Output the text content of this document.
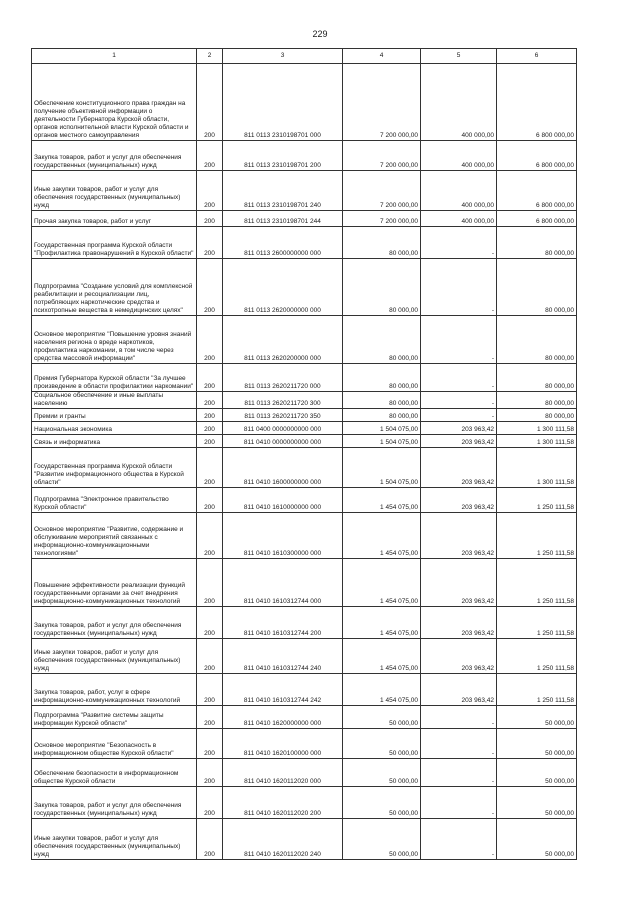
229
1	2	3	4	5	6
Обеспечение конституционного права граждан на получение объективной информации о деятельности Губернатора Курской области, органов исполнительной власти Курской области и органов местного самоуправления	200	811 0113 2310198701 000	7 200 000,00	400 000,00	6 800 000,00
Закупка товаров, работ и услуг для обеспечения государственных (муниципальных) нужд	200	811 0113 2310198701 200	7 200 000,00	400 000,00	6 800 000,00
Иные закупки товаров, работ и услуг для обеспечения государственных (муниципальных) нужд	200	811 0113 2310198701 240	7 200 000,00	400 000,00	6 800 000,00
Прочая закупка товаров, работ и услуг	200	811 0113 2310198701 244	7 200 000,00	400 000,00	6 800 000,00
Государственная программа Курской области "Профилактика правонарушений в Курской области"	200	811 0113 2600000000 000	80 000,00	-	80 000,00
Подпрограмма "Создание условий для комплексной реабилитации и ресоциализации лиц, потребляющих наркотические средства и психотропные вещества в немедицинских целях"	200	811 0113 2620000000 000	80 000,00	-	80 000,00
Основное мероприятие "Повышение уровня знаний населения региона о вреде наркотиков, профилактика наркомании, в том числе через средства массовой информации"	200	811 0113 2620200000 000	80 000,00	-	80 000,00
Премия Губернатора Курской области "За лучшее произведение в области профилактики наркомании"	200	811 0113 2620211720 000	80 000,00	-	80 000,00
Социальное обеспечение и иные выплаты населению	200	811 0113 2620211720 300	80 000,00	-	80 000,00
Премии и гранты	200	811 0113 2620211720 350	80 000,00	-	80 000,00
Национальная экономика	200	811 0400 0000000000 000	1 504 075,00	203 963,42	1 300 111,58
Связь и информатика	200	811 0410 0000000000 000	1 504 075,00	203 963,42	1 300 111,58
Государственная программа Курской области "Развитие информационного общества в Курской области"	200	811 0410 1600000000 000	1 504 075,00	203 963,42	1 300 111,58
Подпрограмма "Электронное правительство Курской области"	200	811 0410 1610000000 000	1 454 075,00	203 963,42	1 250 111,58
Основное мероприятие "Развитие, содержание и обслуживание мероприятий связанных с информационно-коммуникационными технологиями"	200	811 0410 1610300000 000	1 454 075,00	203 963,42	1 250 111,58
Повышение эффективности реализации функций государственными органами за счет внедрения информационно-коммуникационных технологий	200	811 0410 1610312744 000	1 454 075,00	203 963,42	1 250 111,58
Закупка товаров, работ и услуг для обеспечения государственных (муниципальных) нужд	200	811 0410 1610312744 200	1 454 075,00	203 963,42	1 250 111,58
Иные закупки товаров, работ и услуг для обеспечения государственных (муниципальных) нужд	200	811 0410 1610312744 240	1 454 075,00	203 963,42	1 250 111,58
Закупка товаров, работ, услуг в сфере информационно-коммуникационных технологий	200	811 0410 1610312744 242	1 454 075,00	203 963,42	1 250 111,58
Подпрограмма "Развитие системы защиты информации Курской области"	200	811 0410 1620000000 000	50 000,00	-	50 000,00
Основное мероприятие "Безопасность в информационном обществе Курской области"	200	811 0410 1620100000 000	50 000,00	-	50 000,00
Обеспечение безопасности в информационном обществе Курской области	200	811 0410 1620112020 000	50 000,00	-	50 000,00
Закупка товаров, работ и услуг для обеспечения государственных (муниципальных) нужд	200	811 0410 1620112020 200	50 000,00	-	50 000,00
Иные закупки товаров, работ и услуг для обеспечения государственных (муниципальных) нужд	200	811 0410 1620112020 240	50 000,00	-	50 000,00
